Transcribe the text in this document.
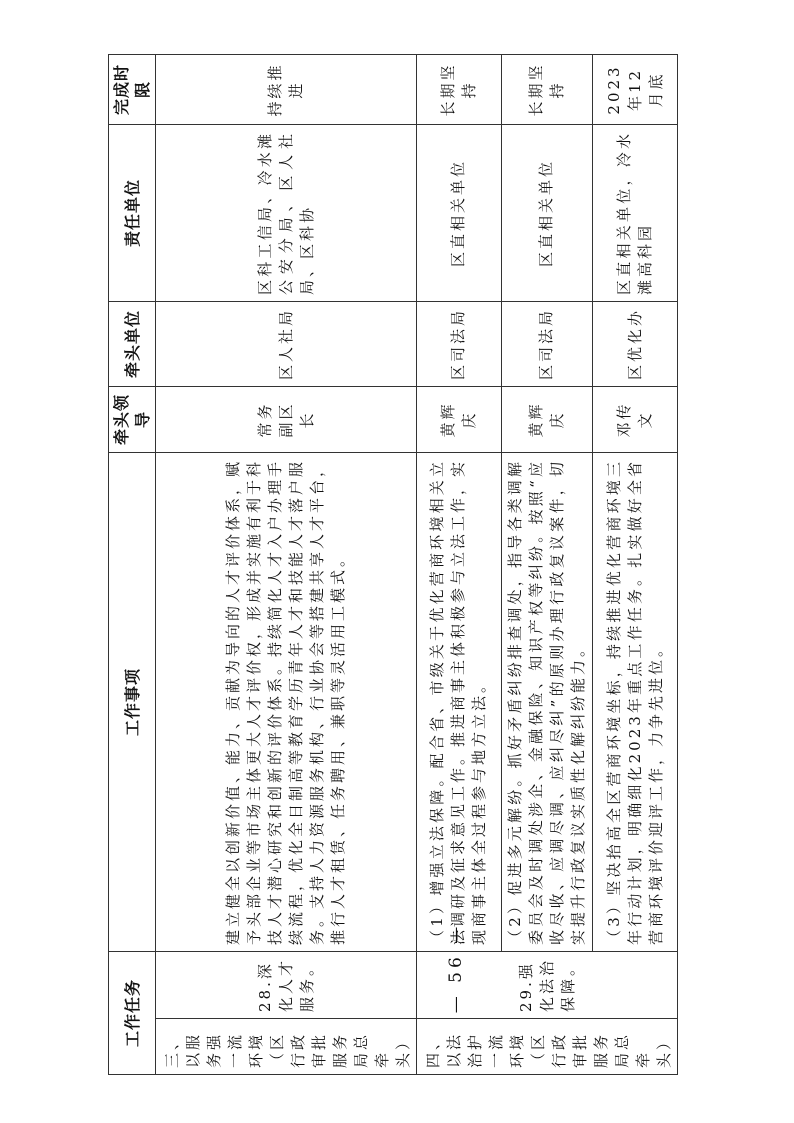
工作任务		工作事项	牵头领导	牵头单位	责任单位	完成时限
三、以服务强一流环境（区行政审批服务局总牵头）	28.深化人才服务。	建立健全以创新价值、能力、贡献为导向的人才评价体系，赋予头部企业等市场主体更大人才评价权，形成并实施有利于科技人才潜心研究和创新的评价体系。持续简化人才入户办理手续流程，优化全日制高等教育学历青年人才和技能人才落户服务。支持人力资源服务机构、行业协会等搭建共享人才平台，推行人才租赁、任务聘用、兼职等灵活用工模式。	常务副区长	区人社局	区科工信局、冷水滩公安分局、区人社局、区科协	持续推进
四、以法治护一流环境（区行政审批服务局总牵头）	29.强化法治保障。	（1）增强立法保障。配合省、市级关于优化营商环境相关立法调研及征求意见工作。推进商事主体积极参与立法工作，实现商事主体全过程参与地方立法。	黄辉庆	区司法局	区直相关单位	长期坚持
		（2）促进多元解纷。抓好矛盾纠纷排查调处，指导各类调解委员会及时调处涉企、金融保险、知识产权等纠纷。按照“应收尽收、应调尽调、应纠尽纠”的原则办理行政复议案件，切实提升行政复议实质性化解纠纷能力。	黄辉庆	区司法局	区直相关单位	长期坚持
		（3）坚决抬高全区营商环境坐标，持续推进优化营商环境三年行动计划，明确细化2023年重点工作任务。扎实做好全省营商环境评价迎评工作，力争先进位。	邓传文	区优化办	区直相关单位，冷水滩高科园	2023年12月底
— 56 —
